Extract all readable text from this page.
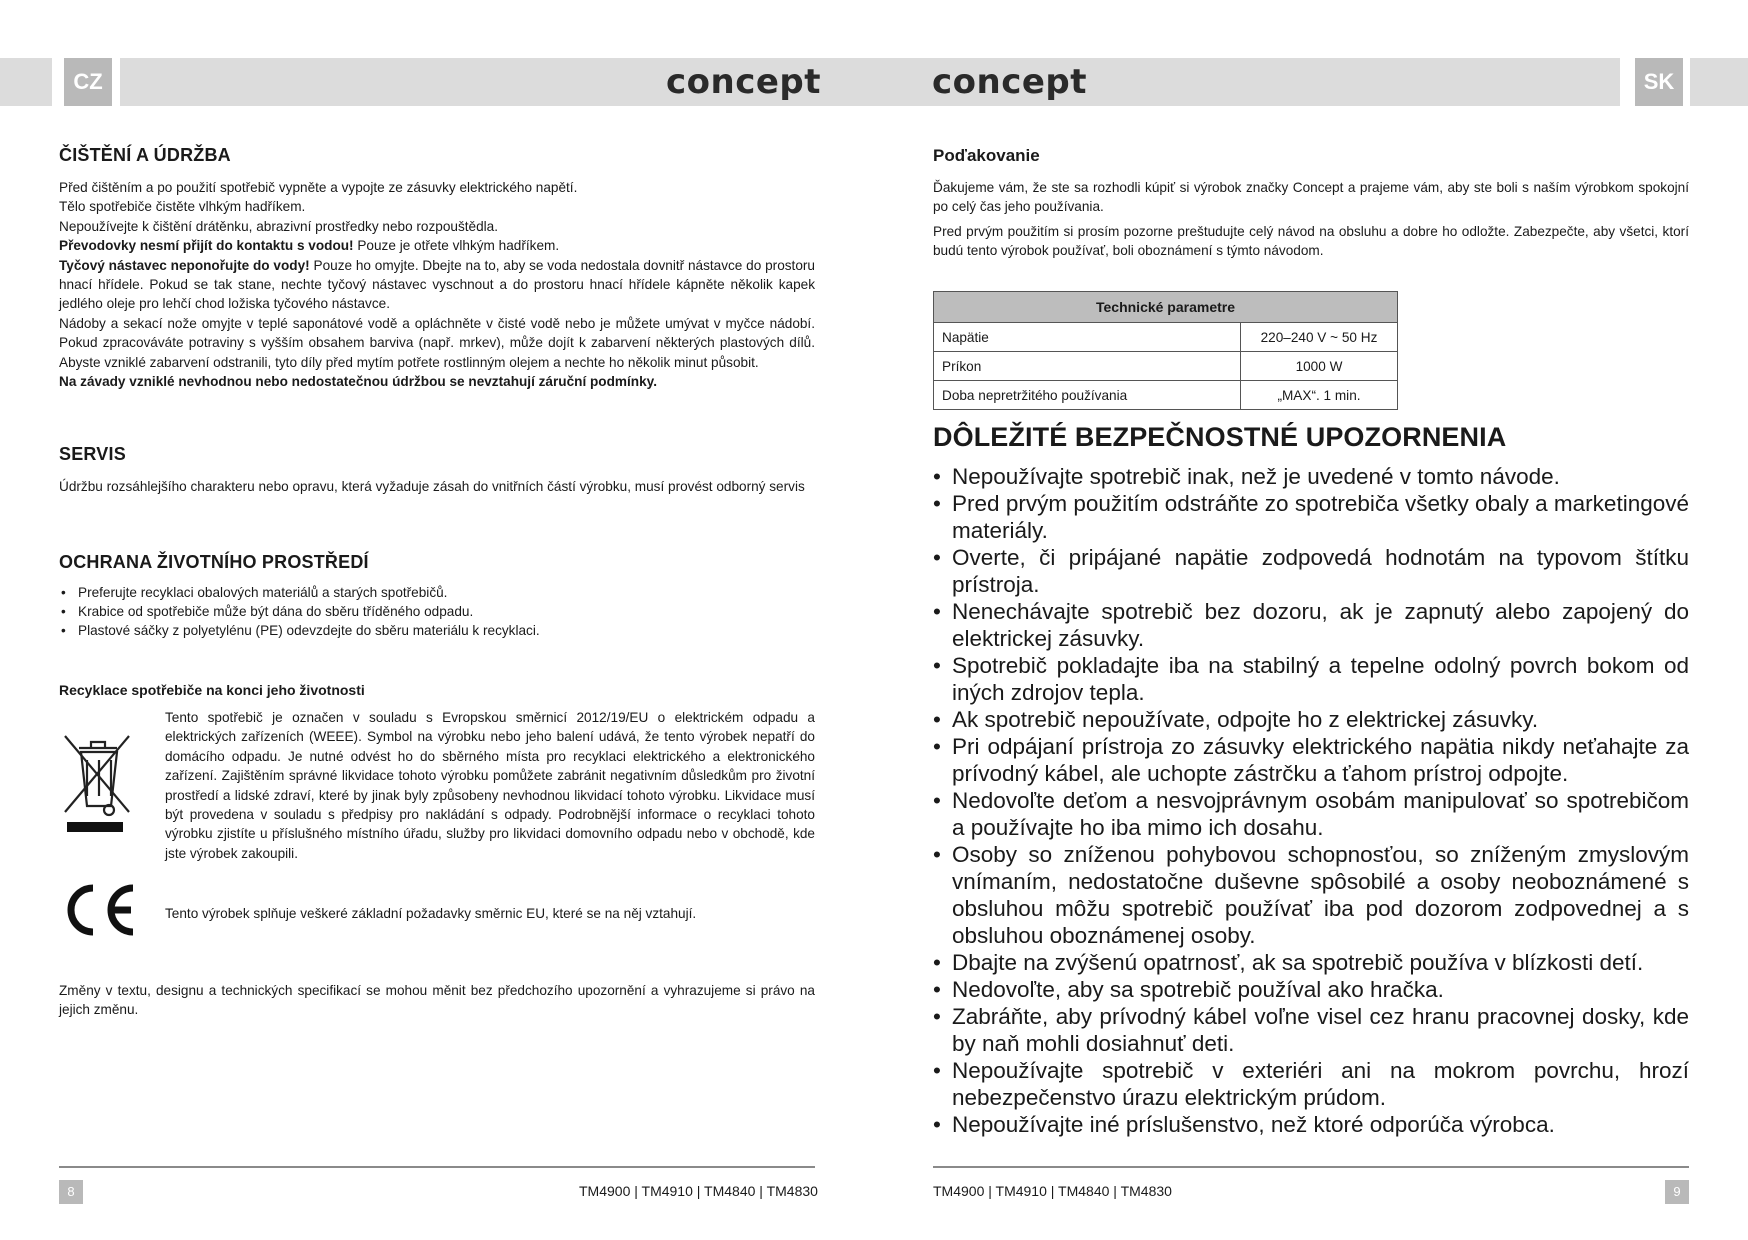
CZ	SK
concept	concept
ČIŠTĚNÍ A ÚDRŽBA

Před čištěním a po použití spotřebič vypněte a vypojte ze zásuvky elektrického napětí.

Tělo spotřebiče čistěte vlhkým hadříkem.

Nepoužívejte k čištění drátěnku, abrazivní prostředky nebo rozpouštědla.

Převodovky nesmí přijít do kontaktu s vodou! Pouze je otřete vlhkým hadříkem.

Tyčový nástavec neponořujte do vody! Pouze ho omyjte. Dbejte na to, aby se voda nedostala dovnitř nástavce do prostoru hnací hřídele. Pokud se tak stane, nechte tyčový nástavec vyschnout a do prostoru hnací hřídele kápněte několik kapek jedlého oleje pro lehčí chod ložiska tyčového nástavce.

Nádoby a sekací nože omyjte v teplé saponátové vodě a opláchněte v čisté vodě nebo je můžete umývat v myčce nádobí. Pokud zpracováváte potraviny s vyšším obsahem barviva (např. mrkev), může dojít k zabarvení některých plastových dílů. Abyste vzniklé zabarvení odstranili, tyto díly před mytím potřete rostlinným olejem a nechte ho několik minut působit.

Na závady vzniklé nevhodnou nebo nedostatečnou údržbou se nevztahují záruční podmínky.

SERVIS

Údržbu rozsáhlejšího charakteru nebo opravu, která vyžaduje zásah do vnitřních částí výrobku, musí provést odborný servis

OCHRANA ŽIVOTNÍHO PROSTŘEDÍ
• Preferujte recyklaci obalových materiálů a starých spotřebičů.
• Krabice od spotřebiče může být dána do sběru tříděného odpadu.
• Plastové sáčky z polyetylénu (PE) odevzdejte do sběru materiálu k recyklaci.
Recyklace spotřebiče na konci jeho životnosti

Tento spotřebič je označen v souladu s Evropskou směrnicí 2012/19/EU o elektrickém odpadu a elektrických zařízeních (WEEE). Symbol na výrobku nebo jeho balení udává, že tento výrobek nepatří do domácího odpadu. Je nutné odvést ho do sběrného místa pro recyklaci elektrického a elektronického zařízení. Zajištěním správné likvidace tohoto výrobku pomůžete zabránit negativním důsledkům pro životní prostředí a lidské zdraví, které by jinak byly způsobeny nevhodnou likvidací tohoto výrobku. Likvidace musí být provedena v souladu s předpisy pro nakládání s odpady. Podrobnější informace o recyklaci tohoto výrobku zjistíte u příslušného místního úřadu, služby pro likvidaci domovního odpadu nebo v obchodě, kde jste výrobek zakoupili.

Tento výrobek splňuje veškeré základní požadavky směrnic EU, které se na něj vztahují.

Změny v textu, designu a technických specifikací se mohou měnit bez předchozího upozornění a vyhrazujeme si právo na jejich změnu.

8	TM4900 | TM4910 | TM4840 | TM4830
Poďakovanie

Ďakujeme vám, že ste sa rozhodli kúpiť si výrobok značky Concept a prajeme vám, aby ste boli s naším výrobkom spokojní po celý čas jeho používania.

Pred prvým použitím si prosím pozorne preštudujte celý návod na obsluhu a dobre ho odložte. Zabezpečte, aby všetci, ktorí budú tento výrobok používať, boli oboznámení s týmto návodom.

Technické parametre	
Napätie	220–240 V ~ 50 Hz
Príkon	1000 W
Doba nepretržitého používania	„MAX“. 1 min.
DÔLEŽITÉ BEZPEČNOSTNÉ UPOZORNENIA
• Nepoužívajte spotrebič inak, než je uvedené v tomto návode.
• Pred prvým použitím odstráňte zo spotrebiča všetky obaly a marketingové materiály.
• Overte, či pripájané napätie zodpovedá hodnotám na typovom štítku prístroja.
• Nenechávajte spotrebič bez dozoru, ak je zapnutý alebo zapojený do elektrickej zásuvky.
• Spotrebič pokladajte iba na stabilný a tepelne odolný povrch bokom od iných zdrojov tepla.
• Ak spotrebič nepoužívate, odpojte ho z elektrickej zásuvky.
• Pri odpájaní prístroja zo zásuvky elektrického napätia nikdy neťahajte za prívodný kábel, ale uchopte zástrčku a ťahom prístroj odpojte.
• Nedovoľte deťom a nesvojprávnym osobám manipulovať so spotrebičom a používajte ho iba mimo ich dosahu.
• Osoby so zníženou pohybovou schopnosťou, so zníženým zmyslovým vnímaním, nedostatočne duševne spôsobilé a osoby neoboznámené s obsluhou môžu spotrebič používať iba pod dozorom zodpovednej a s obsluhou oboznámenej osoby.
• Dbajte na zvýšenú opatrnosť, ak sa spotrebič používa v blízkosti detí.
• Nedovoľte, aby sa spotrebič používal ako hračka.
• Zabráňte, aby prívodný kábel voľne visel cez hranu pracovnej dosky, kde by naň mohli dosiahnuť deti.
• Nepoužívajte spotrebič v exteriéri ani na mokrom povrchu, hrozí nebezpečenstvo úrazu elektrickým prúdom.
• Nepoužívajte iné príslušenstvo, než ktoré odporúča výrobca.
TM4900 | TM4910 | TM4840 | TM4830	9
